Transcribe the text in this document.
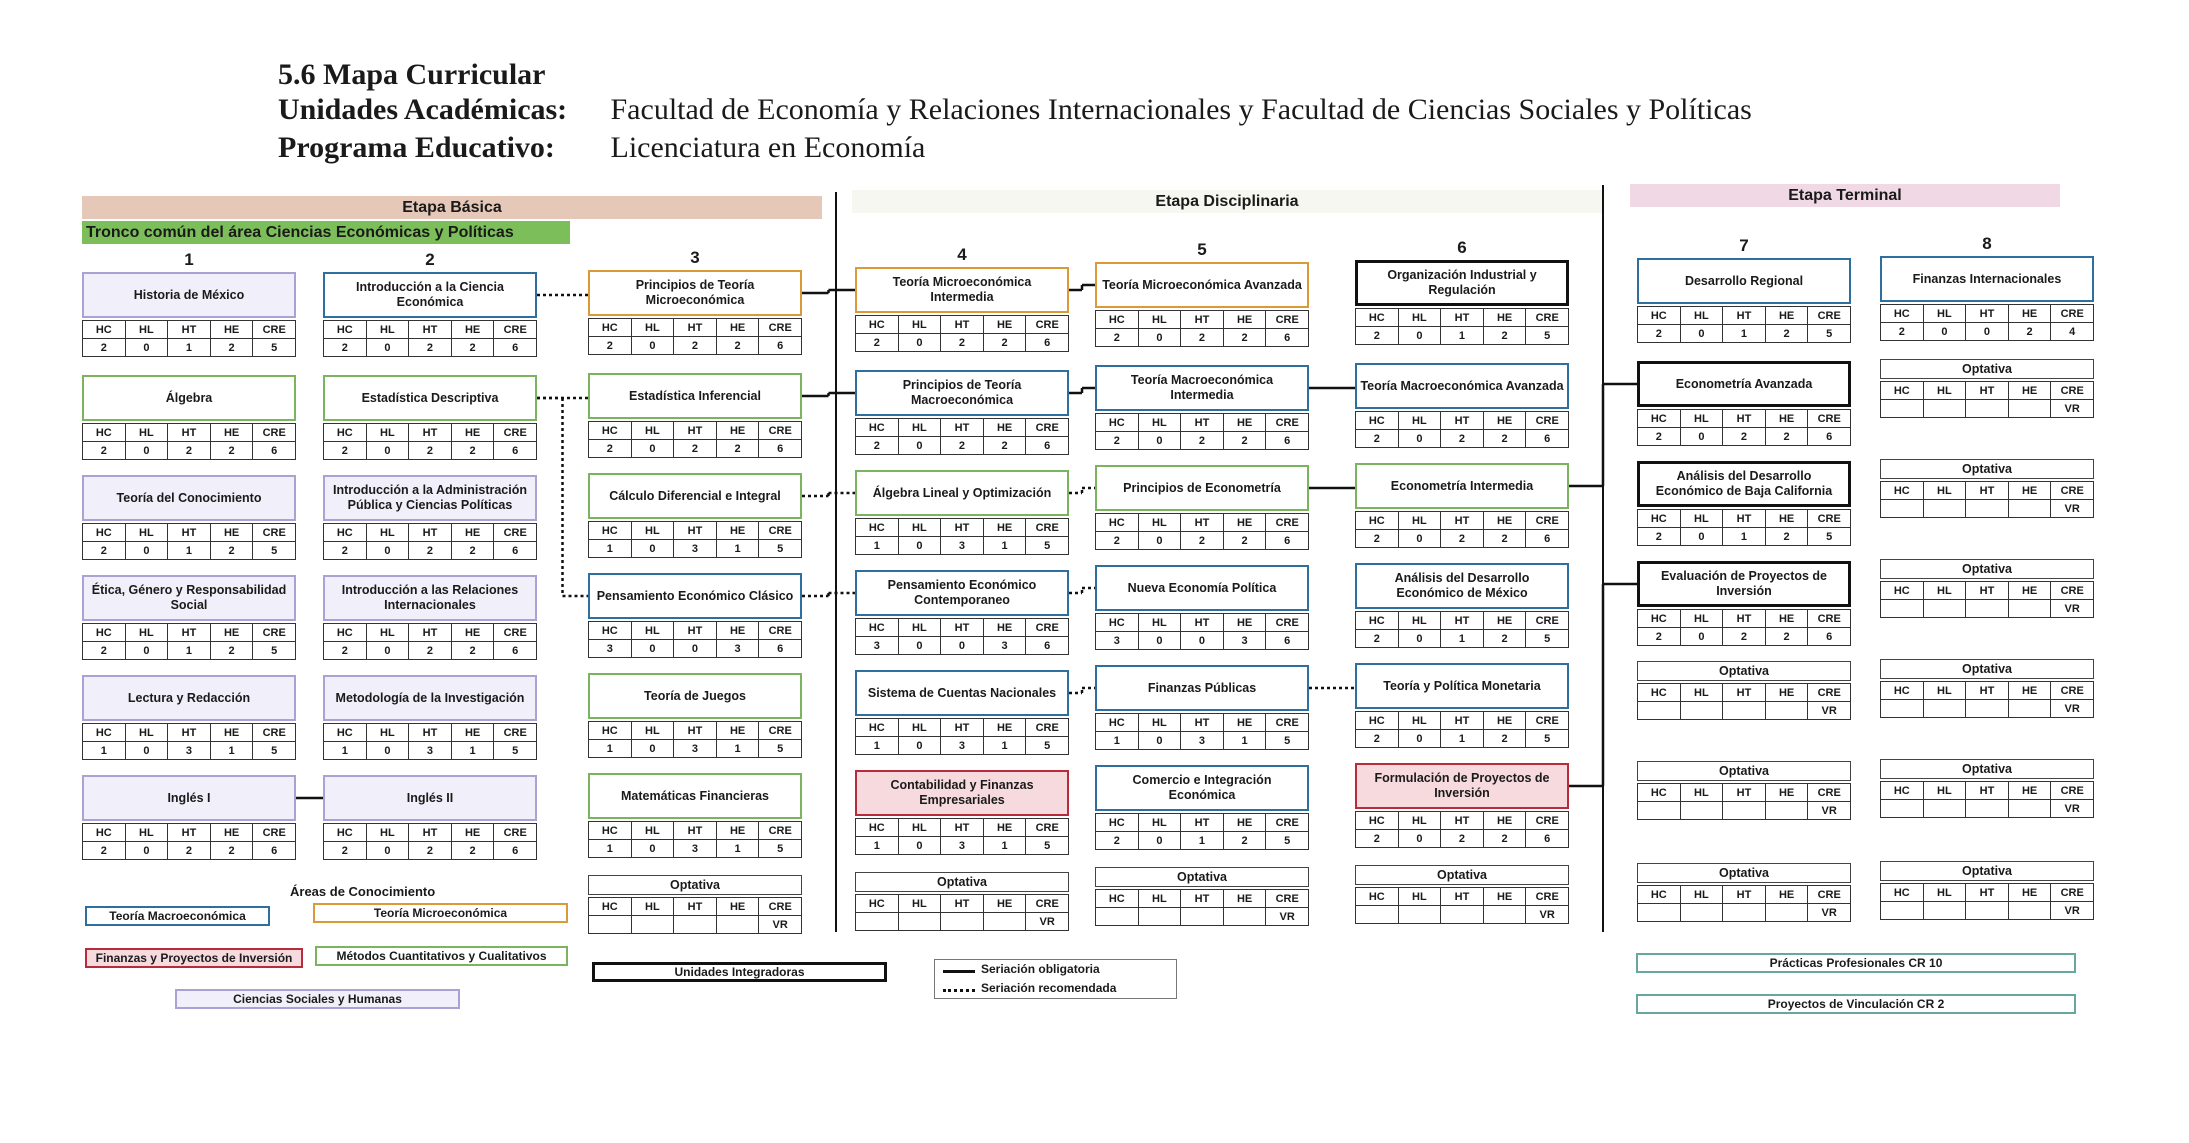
5.6 Mapa Curricular
Unidades Académicas: Facultad de Economía y Relaciones Internacionales y Facultad de Ciencias Sociales y Políticas
Programa Educativo: Licenciatura en Economía
Etapa Básica
Tronco común del área Ciencias Económicas y Políticas
Etapa Disciplinaria	Etapa Terminal
1	2	3	4	5	6	7	8
Historia de México
HC	HL	HT	HE	CRE
2	0	1	2	5
Álgebra
HC	HL	HT	HE	CRE
2	0	2	2	6
Teoría del Conocimiento
HC	HL	HT	HE	CRE
2	0	1	2	5
Ética, Género y Responsabilidad Social
HC	HL	HT	HE	CRE
2	0	1	2	5
Lectura y Redacción
HC	HL	HT	HE	CRE
1	0	3	1	5
Inglés I
HC	HL	HT	HE	CRE
2	0	2	2	6
Introducción a la Ciencia Económica
HC	HL	HT	HE	CRE
2	0	2	2	6
Estadística Descriptiva
HC	HL	HT	HE	CRE
2	0	2	2	6
Introducción a la Administración Pública y Ciencias Políticas
HC	HL	HT	HE	CRE
2	0	2	2	6
Introducción a las Relaciones Internacionales
HC	HL	HT	HE	CRE
2	0	2	2	6
Metodología de la Investigación
HC	HL	HT	HE	CRE
1	0	3	1	5
Inglés II
HC	HL	HT	HE	CRE
2	0	2	2	6
Principios de Teoría Microeconómica
HC	HL	HT	HE	CRE
2	0	2	2	6
Estadística Inferencial
HC	HL	HT	HE	CRE
2	0	2	2	6
Cálculo Diferencial e Integral
HC	HL	HT	HE	CRE
1	0	3	1	5
Pensamiento Económico Clásico
HC	HL	HT	HE	CRE
3	0	0	3	6
Teoría de Juegos
HC	HL	HT	HE	CRE
1	0	3	1	5
Matemáticas Financieras
HC	HL	HT	HE	CRE
1	0	3	1	5
Teoría Microeconómica Intermedia
HC	HL	HT	HE	CRE
2	0	2	2	6
Principios de Teoría Macroeconómica
HC	HL	HT	HE	CRE
2	0	2	2	6
Álgebra Lineal y Optimización
HC	HL	HT	HE	CRE
1	0	3	1	5
Pensamiento Económico Contemporaneo
HC	HL	HT	HE	CRE
3	0	0	3	6
Sistema de Cuentas Nacionales
HC	HL	HT	HE	CRE
1	0	3	1	5
Contabilidad y Finanzas Empresariales
HC	HL	HT	HE	CRE
1	0	3	1	5
Teoría Microeconómica Avanzada
HC	HL	HT	HE	CRE
2	0	2	2	6
Teoría Macroeconómica Intermedia
HC	HL	HT	HE	CRE
2	0	2	2	6
Principios de Econometría
HC	HL	HT	HE	CRE
2	0	2	2	6
Nueva Economía Política
HC	HL	HT	HE	CRE
3	0	0	3	6
Finanzas Públicas
HC	HL	HT	HE	CRE
1	0	3	1	5
Comercio e Integración Económica
HC	HL	HT	HE	CRE
2	0	1	2	5
Organización Industrial y Regulación
HC	HL	HT	HE	CRE
2	0	1	2	5
Teoría Macroeconómica Avanzada
HC	HL	HT	HE	CRE
2	0	2	2	6
Econometría Intermedia
HC	HL	HT	HE	CRE
2	0	2	2	6
Análisis del Desarrollo Económico de México
HC	HL	HT	HE	CRE
2	0	1	2	5
Teoría y Política Monetaria
HC	HL	HT	HE	CRE
2	0	1	2	5
Formulación de Proyectos de Inversión
HC	HL	HT	HE	CRE
2	0	2	2	6
Desarrollo Regional
HC	HL	HT	HE	CRE
2	0	1	2	5
Econometría Avanzada
HC	HL	HT	HE	CRE
2	0	2	2	6
Análisis del Desarrollo Económico de Baja California
HC	HL	HT	HE	CRE
2	0	1	2	5
Evaluación de Proyectos de Inversión
HC	HL	HT	HE	CRE
2	0	2	2	6
Finanzas Internacionales
HC	HL	HT	HE	CRE
2	0	0	2	4
Optativa
HC	HL	HT	HE	CRE
				VR
Optativa
HC	HL	HT	HE	CRE
				VR
Optativa
HC	HL	HT	HE	CRE
				VR
Optativa
HC	HL	HT	HE	CRE
				VR
Optativa
HC	HL	HT	HE	CRE
				VR
Optativa
HC	HL	HT	HE	CRE
				VR
Optativa
HC	HL	HT	HE	CRE
				VR
Optativa
HC	HL	HT	HE	CRE
				VR
Optativa
HC	HL	HT	HE	CRE
				VR
Optativa
HC	HL	HT	HE	CRE
				VR
Optativa
HC	HL	HT	HE	CRE
				VR
Optativa
HC	HL	HT	HE	CRE
				VR
Optativa
HC	HL	HT	HE	CRE
				VR
Áreas de Conocimiento
Teoría Macroeconómica	Teoría Microeconómica
Finanzas y Proyectos de Inversión	Métodos Cuantitativos y Cualitativos
Ciencias Sociales y Humanas
Unidades Integradoras	Seriación obligatoria
Seriación recomendada
Prácticas Profesionales CR 10
Proyectos de Vinculación CR 2
